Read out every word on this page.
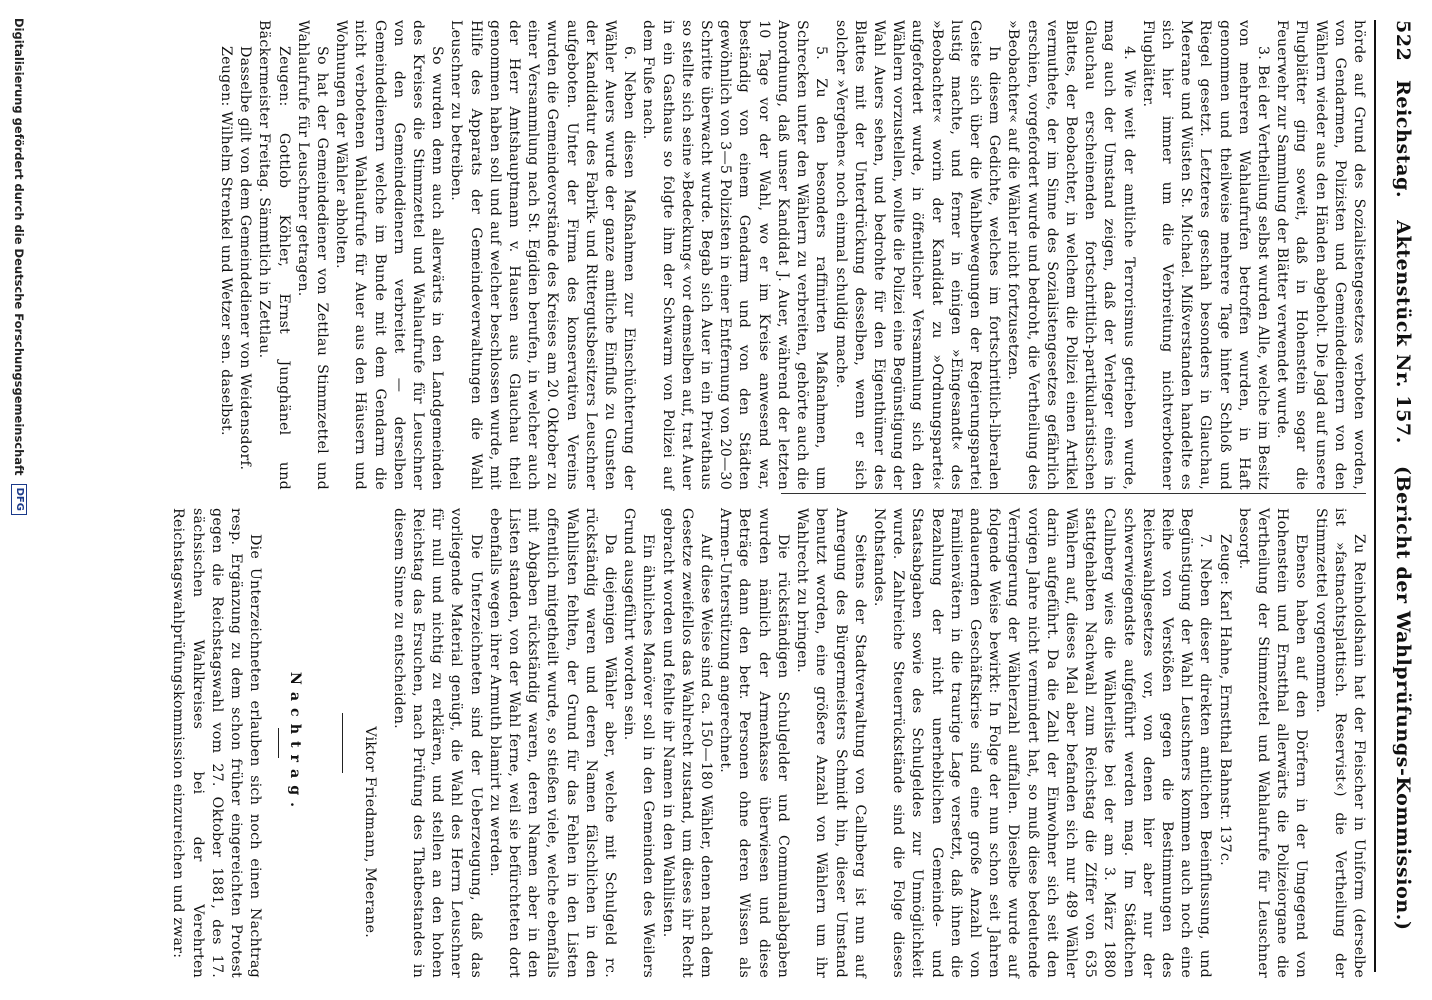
522
Reichstag.
Aktenstück Nr. 157.
(Bericht der Wahlprüfungs-Kommission.)

hörde auf Grund des Sozialistengesetzes verboten worden, von Gendarmen, Polizisten und Gemeindedienern von den Wählern wieder aus den Händen abgeholt. Die Jagd auf unsere Flugblätter ging soweit, daß in Hohenstein sogar die Feuerwehr zur Sammlung der Blätter verwendet wurde.

3. Bei der Vertheilung selbst wurden Alle, welche im Besitz von mehreren Wahlaufrufen betroffen wurden, in Haft genommen und theilweise mehrere Tage hinter Schloß und Riegel gesetzt. Letzteres geschah besonders in Glauchau, Meerane und Wüsten St. Michael. Mißverstanden handelte es sich hier immer um die Verbreitung nichtverbotener Flugblätter.

4. Wie weit der amtliche Terrorismus getrieben wurde, mag auch der Umstand zeigen, daß der Verleger eines in Glauchau erscheinenden fortschrittlich-partikularistischen Blattes, der Beobachter, in welchem die Polizei einen Artikel vermuthete, der im Sinne des Sozialistengesetzes gefährlich erschien, vorgefordert wurde und bedroht, die Vertheilung des »Beobachter« auf die Wähler nicht fortzusetzen.

In diesem Gedichte, welches im fortschrittlich-liberalen Geiste sich über die Wahlbewegungen der Regierungspartei lustig machte, und ferner in einigen »Eingesandt« des »Beobachter« worin der Kandidat zu »Ordnungspartei« aufgefordert wurde, in öffentlicher Versammlung sich den Wählern vorzustellen, wollte die Polizei eine Begünstigung der Wahl Auers sehen, und bedrohte für den Eigenthümer des Blattes mit der Unterdrückung desselben, wenn er sich solcher »Vergehen« noch einmal schuldig mache.

5. Zu den besonders raffinirten Maßnahmen, um Schrecken unter den Wählern zu verbreiten, gehörte auch die Anordnung, daß unser Kandidat J. Auer, während der letzten 10 Tage vor der Wahl, wo er im Kreise anwesend war, beständig von einem Gendarm und von den Städten gewöhnlich von 3—5 Polizisten in einer Entfernung von 20—30 Schritte überwacht wurde. Begab sich Auer in ein Privathaus so stellte sich seine »Bedeckung« vor demselben auf, trat Auer in ein Gasthaus so folgte ihm der Schwarm von Polizei auf dem Fuße nach.

6. Neben diesen Maßnahmen zur Einschüchterung der Wähler Auers wurde der ganze amtliche Einfluß zu Gunsten der Kandidatur des Fabrik- und Rittergutsbesitzers Leuschner aufgeboten. Unter der Firma des konservativen Vereins wurden die Gemeindevorstände des Kreises am 20. Oktober zu einer Versammlung nach St. Egidien berufen, in welcher auch der Herr Amtshauptmann v. Hausen aus Glauchau theil genommen haben soll und auf welcher beschlossen wurde, mit Hilfe des Apparats der Gemeindeverwaltungen die Wahl Leuschner zu betreiben.

So wurden denn auch allerwärts in den Landgemeinden des Kreises die Stimmzettel und Wahlaufrufe für Leuschner von den Gemeindedienern verbreitet — derselben Gemeindedienern welche im Bunde mit dem Gendarm die nicht verbotenen Wahlaufrufe für Auer aus den Häusern und Wohnungen der Wähler abholten.

So hat der Gemeindediener von Zettlau Stimmzettel und Wahlaufrufe für Leuschner getragen.

Zeugen: Gottlob Köhler, Ernst Junghänel und Bäckermeister Freitag. Sämmtlich in Zettlau.

Dasselbe gilt von dem Gemeindediener von Weidensdorf.

Zeugen: Wilhelm Strenkel und Wetzer sen. daselbst.

Zu Reinholdshain hat der Fleischer in Uniform (derselbe ist »fastnachtsplattisch. Reservist«) die Vertheilung der Stimmzettel vorgenommen.

Ebenso haben auf den Dörfern in der Umgegend von Hohenstein und Ernstthal allerwärts die Polizeiorgane die Vertheilung der Stimmzettel und Wahlaufrufe für Leuschner besorgt.

Zeuge: Karl Hahne, Ernstthal Bahnstr. 137c.

7. Neben dieser direkten amtlichen Beeinflussung, und Begünstigung der Wahl Leuschners kommen auch noch eine Reihe von Verstößen gegen die Bestimmungen des Reichswahlgesetzes vor, von denen hier aber nur der schwerwiegendste aufgeführt werden mag. Im Städtchen Callnberg wies die Wählerliste bei der am 3. März 1880 stattgehabten Nachwahl zum Reichstag die Ziffer von 635 Wählern auf, dieses Mal aber befanden sich nur 489 Wähler darin aufgeführt. Da die Zahl der Einwohner sich seit den vorigen Jahre nicht vermindert hat, so muß diese bedeutende Verringerung der Wählerzahl auffallen. Dieselbe wurde auf folgende Weise bewirkt: In Folge der nun schon seit Jahren andauernden Geschäftskrise sind eine große Anzahl von Familienvätern in die traurige Lage versetzt, daß ihnen die Bezahlung der nicht unerheblichen Gemeinde- und Staatsabgaben sowie des Schulgeldes zur Unmöglichkeit wurde. Zahlreiche Steuerrückstände sind die Folge dieses Nothstandes.

Seitens der Stadtverwaltung von Callnberg ist nun auf Anregung des Bürgermeisters Schmidt hin, dieser Umstand benutzt worden, eine größere Anzahl von Wählern um ihr Wahlrecht zu bringen.

Die rückständigen Schulgelder und Communalabgaben wurden nämlich der Armenkasse überwiesen und diese Beträge dann den betr. Personen ohne deren Wissen als Armen-Unterstützung angerechnet.

Auf diese Weise sind ca. 150—180 Wähler, denen nach dem Gesetze zweifellos das Wahlrecht zustand, um dieses ihr Recht gebracht worden und fehlte ihr Namen in den Wahllisten.

Ein ähnliches Manöver soll in den Gemeinden des Weilers Grund ausgeführt worden sein.

Da diejenigen Wähler aber, welche mit Schulgeld rc. rückständig waren und deren Namen fälschlichen in den Wahllisten fehlten, der Grund für das Fehlen in den Listen offentlich mitgetheilt wurde, so stießen viele, welche ebenfalls mit Abgaben rückständig waren, deren Namen aber in den Listen standen, von der Wahl ferne, weil sie befürchteten dort ebenfalls wegen ihrer Armuth blamirt zu werden.

Die Unterzeichneten sind der Ueberzeugung, daß das vorliegende Material genügt, die Wahl des Herrn Leuschner für null und nichtig zu erklären, und stellen an den hohen Reichstag das Ersuchen, nach Prüfung des Thatbestandes in diesem Sinne zu entscheiden.

Viktor Friedmann, Meerane.

Nachtrag.

Die Unterzeichneten erlauben sich noch einen Nachtrag resp. Ergänzung zu dem schon früher eingereichten Protest gegen die Reichstagswahl vom 27. Oktober 1881, des 17. sächsischen Wahlkreises bei der Verehrten Reichstagswahlprüfungskommission einzureichen und zwar:

Digitalisierung gefördert durch die Deutsche Forschungsgemeinschaft
DFG
